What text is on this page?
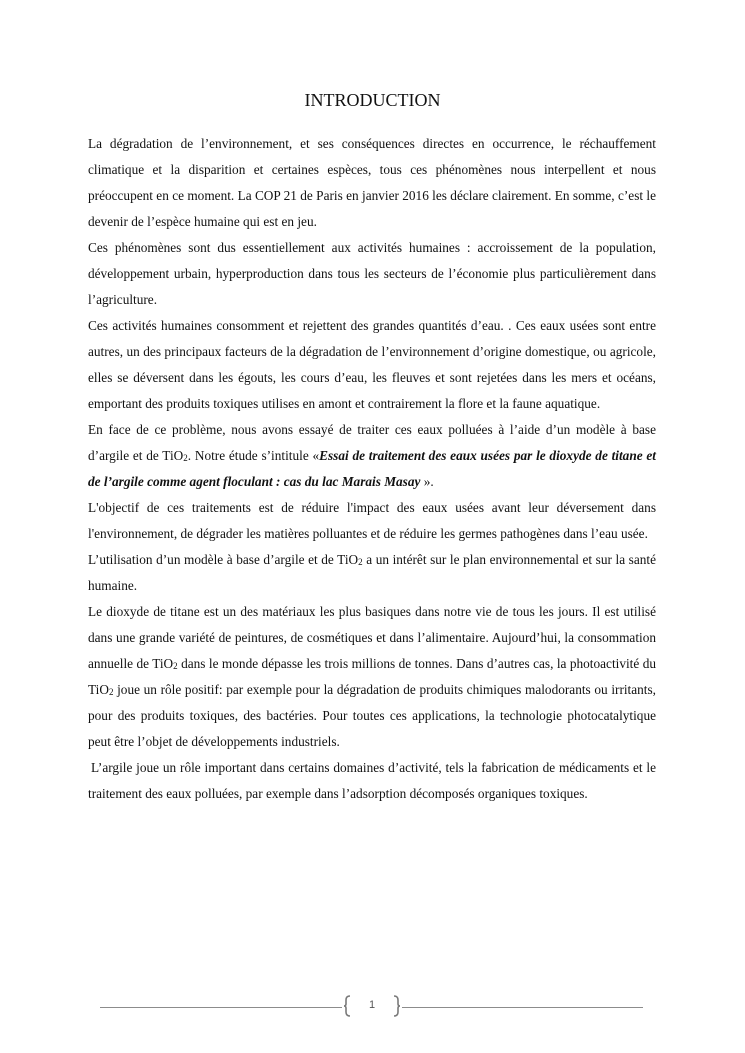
INTRODUCTION

La dégradation de l’environnement, et ses conséquences directes en occurrence, le réchauffement climatique et la disparition et certaines espèces, tous ces phénomènes nous interpellent et nous préoccupent en ce moment. La COP 21 de Paris en janvier 2016 les déclare clairement. En somme, c’est le devenir de l’espèce humaine qui est en jeu.

Ces phénomènes sont dus essentiellement aux activités humaines : accroissement de la population, développement urbain, hyperproduction dans tous les secteurs de l’économie plus particulièrement dans l’agriculture.

Ces activités humaines consomment et rejettent des grandes quantités d’eau. . Ces eaux usées sont entre autres, un des principaux facteurs de la dégradation de l’environnement d’origine domestique, ou agricole, elles se déversent dans les égouts, les cours d’eau, les fleuves et sont rejetées dans les mers et océans, emportant des produits toxiques utilises en amont et contrairement la flore et la faune aquatique.

En face de ce problème, nous avons essayé de traiter ces eaux polluées à l’aide d’un modèle à base d’argile et de TiO$_2$. Notre étude s’intitule «Essai de traitement des eaux usées par le dioxyde de titane et de l’argile comme agent floculant : cas du lac Marais Masay ».

L'objectif de ces traitements est de réduire l'impact des eaux usées avant leur déversement dans l'environnement, de dégrader les matières polluantes et de réduire les germes pathogènes dans l’eau usée.

L’utilisation d’un modèle à base d’argile et de TiO$_2$ a un intérêt sur le plan environnemental et sur la santé humaine.

Le dioxyde de titane est un des matériaux les plus basiques dans notre vie de tous les jours. Il est utilisé dans une grande variété de peintures, de cosmétiques et dans l’alimentaire. Aujourd’hui, la consommation annuelle de TiO$_2$ dans le monde dépasse les trois millions de tonnes. Dans d’autres cas, la photoactivité du TiO$_2$ joue un rôle positif: par exemple pour la dégradation de produits chimiques malodorants ou irritants, pour des produits toxiques, des bactéries. Pour toutes ces applications, la technologie photocatalytique peut être l’objet de développements industriels.

L’argile joue un rôle important dans certains domaines d’activité, tels la fabrication de médicaments et le traitement des eaux polluées, par exemple dans l’adsorption décomposés organiques toxiques.

1
